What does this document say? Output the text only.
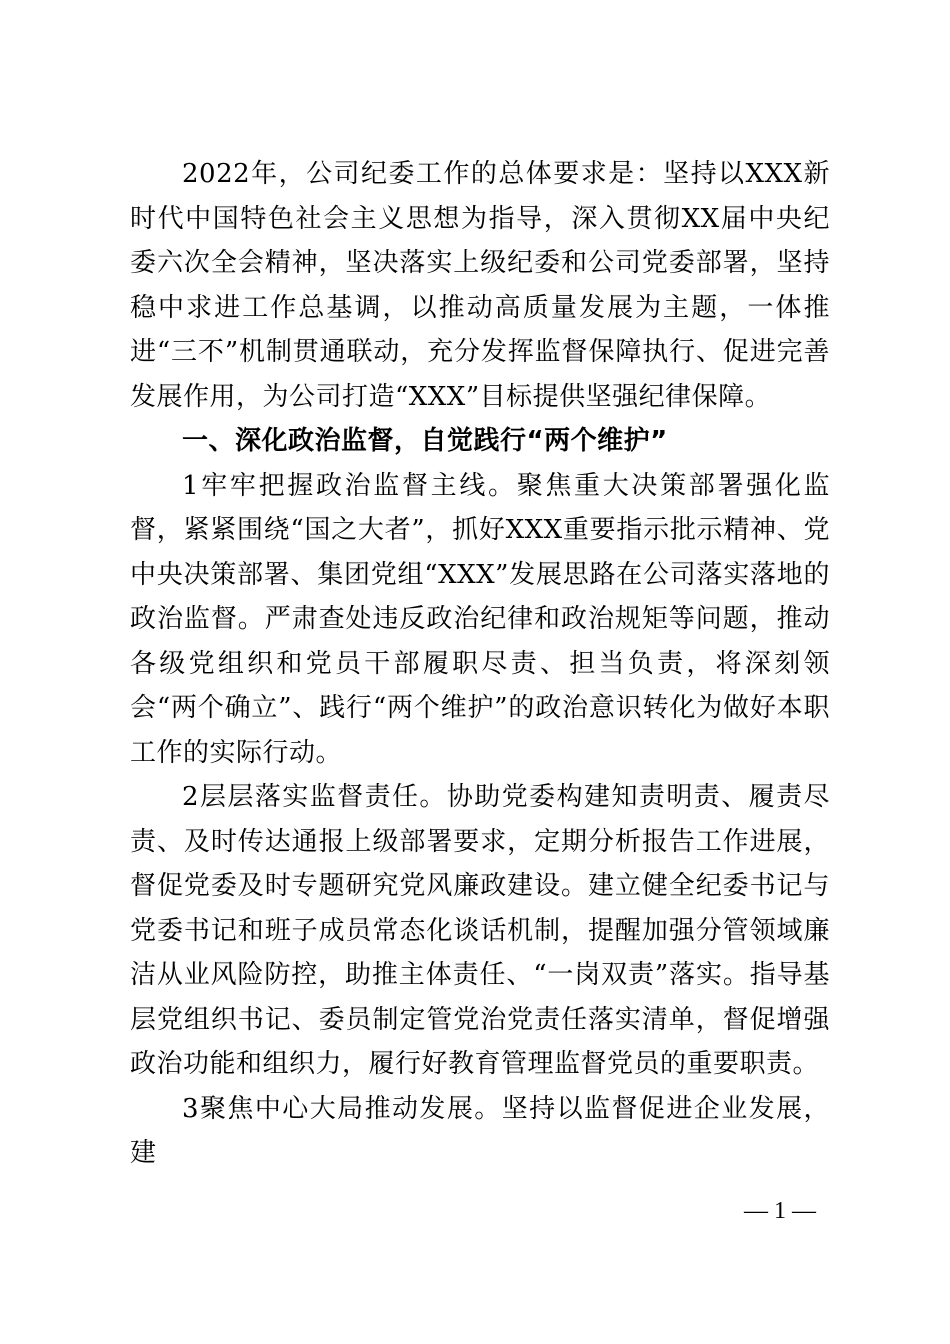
2022年，公司纪委工作的总体要求是：坚持以XXX新时代中国特色社会主义思想为指导，深入贯彻XX届中央纪委六次全会精神，坚决落实上级纪委和公司党委部署，坚持稳中求进工作总基调，以推动高质量发展为主题，一体推进“三不”机制贯通联动，充分发挥监督保障执行、促进完善发展作用，为公司打造“XXX”目标提供坚强纪律保障。

一、深化政治监督，自觉践行“两个维护”

1牢牢把握政治监督主线。聚焦重大决策部署强化监督，紧紧围绕“国之大者”，抓好XXX重要指示批示精神、党中央决策部署、集团党组“XXX”发展思路在公司落实落地的政治监督。严肃查处违反政治纪律和政治规矩等问题，推动各级党组织和党员干部履职尽责、担当负责，将深刻领会“两个确立”、践行“两个维护”的政治意识转化为做好本职工作的实际行动。

2层层落实监督责任。协助党委构建知责明责、履责尽责、及时传达通报上级部署要求，定期分析报告工作进展，督促党委及时专题研究党风廉政建设。建立健全纪委书记与党委书记和班子成员常态化谈话机制，提醒加强分管领域廉洁从业风险防控，助推主体责任、“一岗双责”落实。指导基层党组织书记、委员制定管党治党责任落实清单，督促增强政治功能和组织力，履行好教育管理监督党员的重要职责。

3聚焦中心大局推动发展。坚持以监督促进企业发展，建

— 1 —
